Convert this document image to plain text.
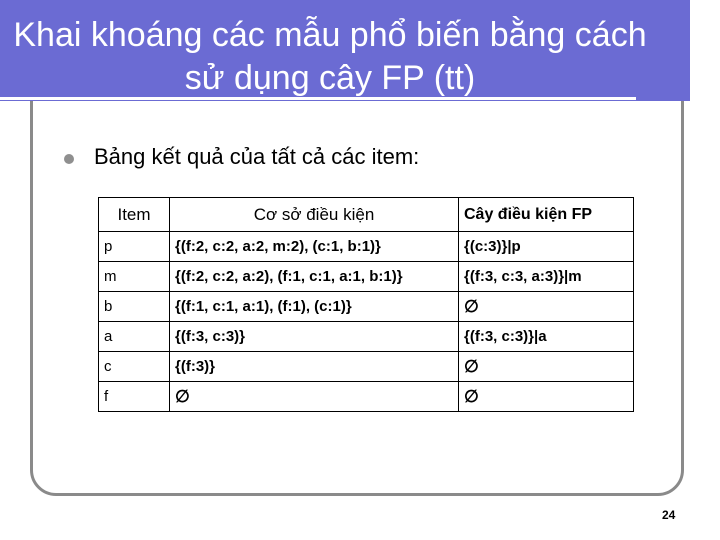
Khai khoáng các mẫu phổ biến bằng cách sử dụng cây FP (tt)
Bảng kết quả của tất cả các item:
Item	Cơ sở điều kiện	Cây điều kiện FP
p	{(f:2, c:2, a:2, m:2), (c:1, b:1)}	{(c:3)}|p
m	{(f:2, c:2, a:2), (f:1, c:1, a:1, b:1)}	{(f:3, c:3, a:3)}|m
b	{(f:1, c:1, a:1), (f:1), (c:1)}	∅
a	{(f:3, c:3)}	{(f:3, c:3)}|a
c	{(f:3)}	∅
f	∅	∅
24
